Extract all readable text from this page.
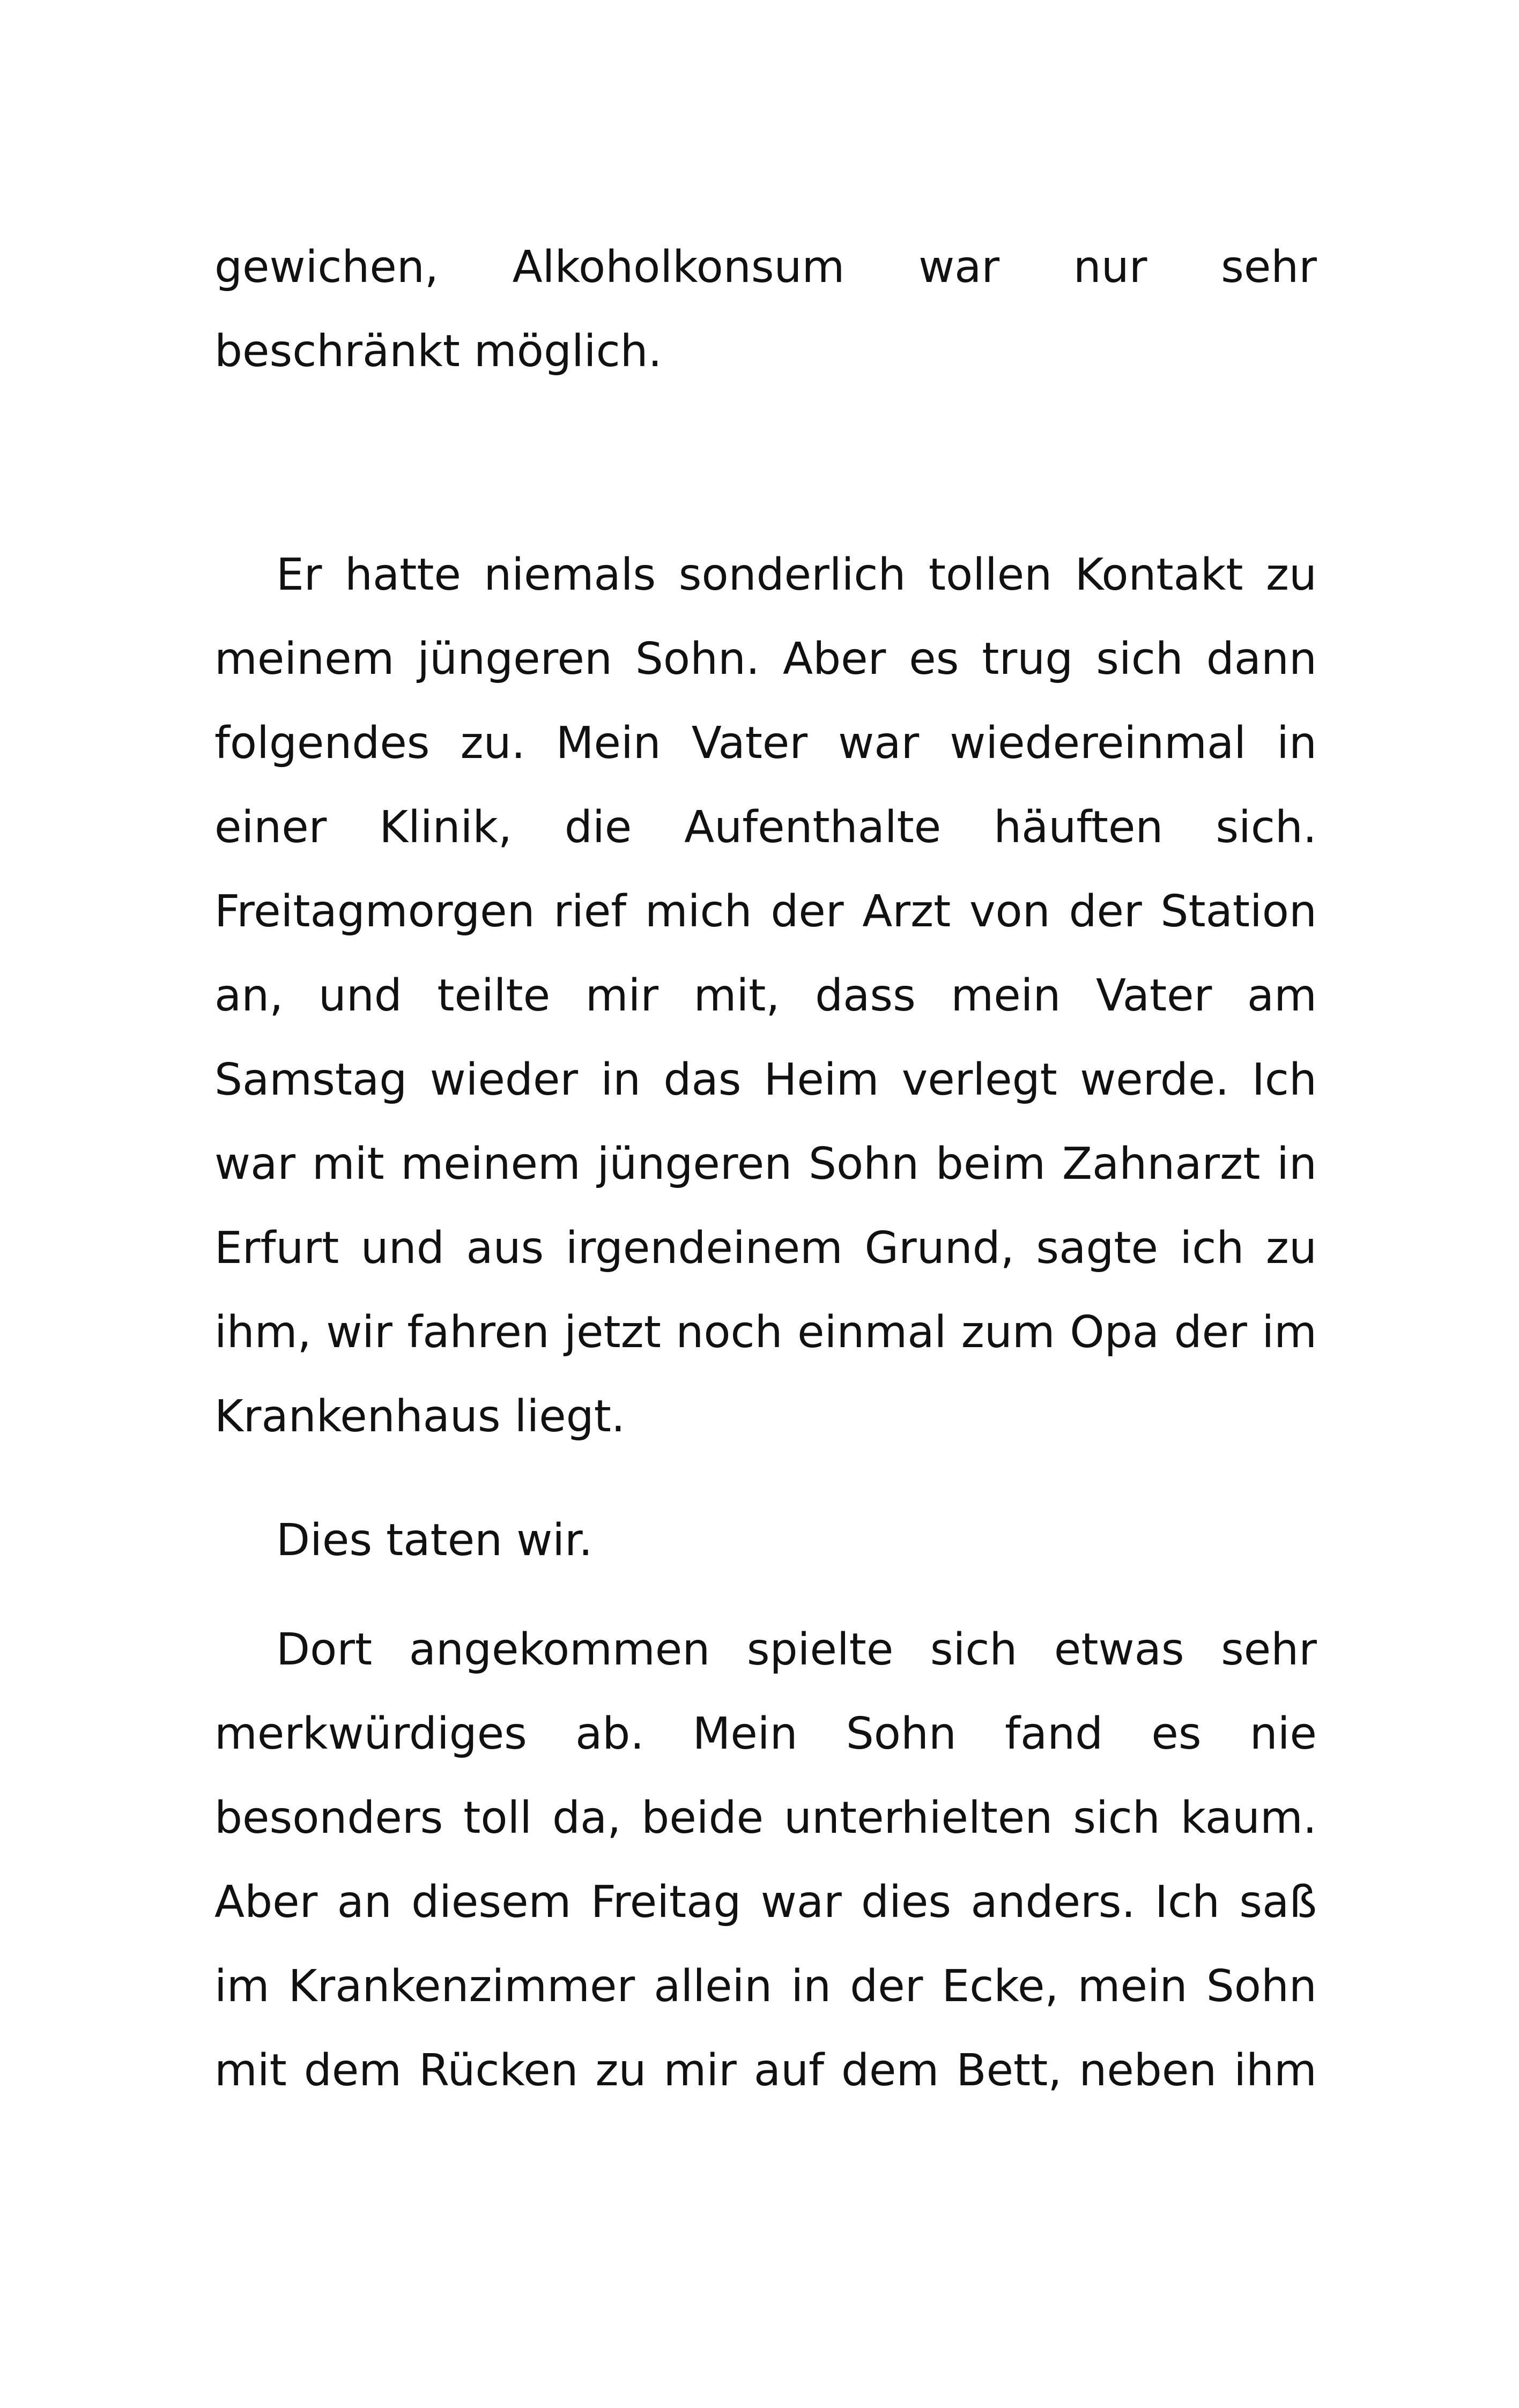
gewichen, Alkoholkonsum war nur sehr
beschränkt möglich.
Er hatte niemals sonderlich tollen Kontakt zu
meinem jüngeren Sohn. Aber es trug sich dann
folgendes zu. Mein Vater war wiedereinmal in
einer Klinik, die Aufenthalte häuften sich.
Freitagmorgen rief mich der Arzt von der Station
an, und teilte mir mit, dass mein Vater am
Samstag wieder in das Heim verlegt werde. Ich
war mit meinem jüngeren Sohn beim Zahnarzt in
Erfurt und aus irgendeinem Grund, sagte ich zu
ihm, wir fahren jetzt noch einmal zum Opa der im
Krankenhaus liegt.
Dies taten wir.
Dort angekommen spielte sich etwas sehr
merkwürdiges ab. Mein Sohn fand es nie
besonders toll da, beide unterhielten sich kaum.
Aber an diesem Freitag war dies anders. Ich saß
im Krankenzimmer allein in der Ecke, mein Sohn
mit dem Rücken zu mir auf dem Bett, neben ihm
